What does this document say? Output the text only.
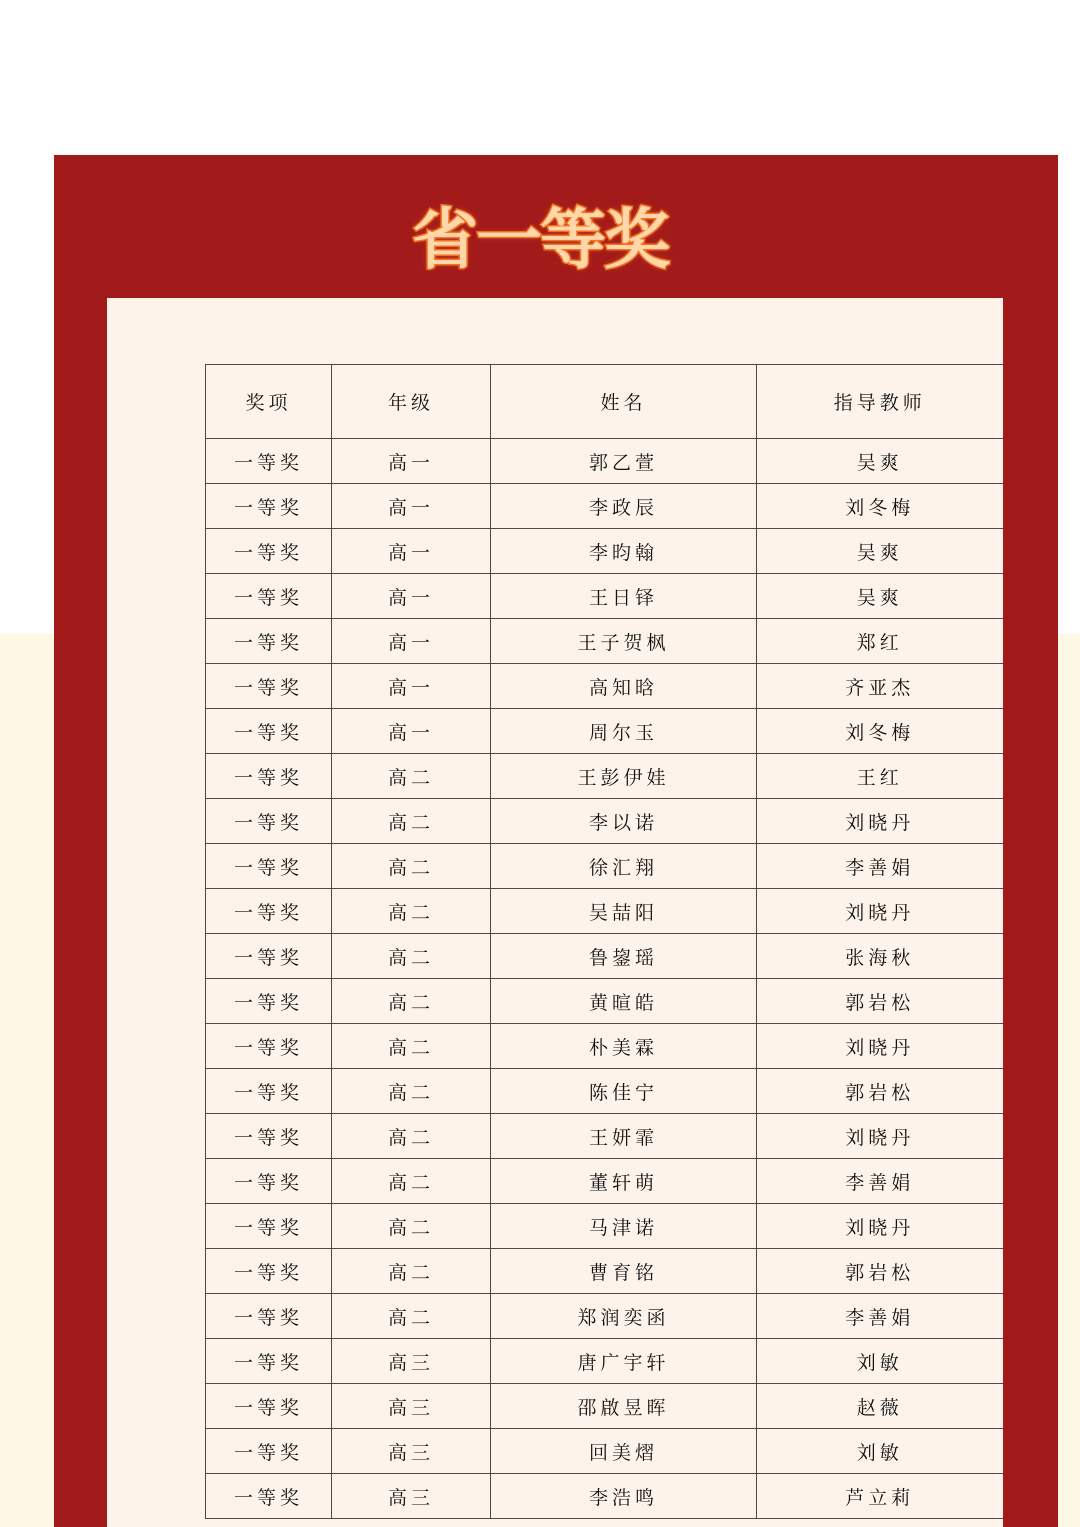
省一等奖
奖项	年级	姓名	指导教师
一等奖	高一	郭乙萱	吴爽
一等奖	高一	李政辰	刘冬梅
一等奖	高一	李昀翰	吴爽
一等奖	高一	王日铎	吴爽
一等奖	高一	王子贺枫	郑红
一等奖	高一	高知晗	齐亚杰
一等奖	高一	周尔玉	刘冬梅
一等奖	高二	王彭伊娃	王红
一等奖	高二	李以诺	刘晓丹
一等奖	高二	徐汇翔	李善娟
一等奖	高二	吴喆阳	刘晓丹
一等奖	高二	鲁鋆瑶	张海秋
一等奖	高二	黄暄皓	郭岩松
一等奖	高二	朴美霖	刘晓丹
一等奖	高二	陈佳宁	郭岩松
一等奖	高二	王妍霏	刘晓丹
一等奖	高二	董轩萌	李善娟
一等奖	高二	马津诺	刘晓丹
一等奖	高二	曹育铭	郭岩松
一等奖	高二	郑润奕函	李善娟
一等奖	高三	唐广宇轩	刘敏
一等奖	高三	邵啟昱晖	赵薇
一等奖	高三	回美熠	刘敏
一等奖	高三	李浩鸣	芦立莉
